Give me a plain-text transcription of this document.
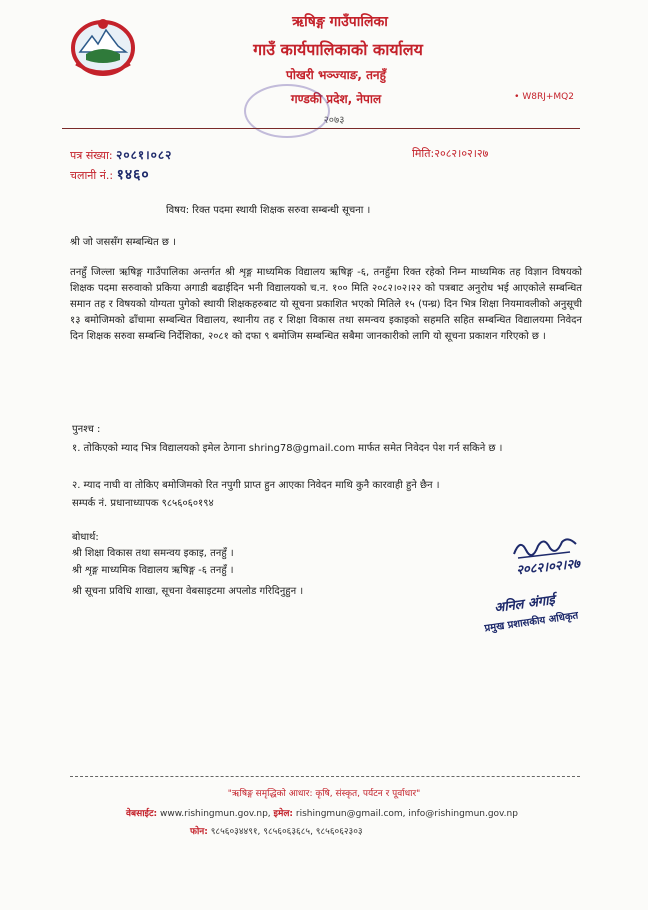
ऋषिङ्ग गाउँपालिका
गाउँ कार्यपालिकाको कार्यालय
पोखरी भञ्ज्याङ, तनहुँ
गण्डकी प्रदेश, नेपाल
२०७३
• W8RJ+MQ2
पत्र संख्या: २०८१।०८२
चलानी नं.: १४६०
मिति:२०८२।०२।२७
विषय: रिक्त पदमा स्थायी शिक्षक सरुवा सम्बन्धी सूचना ।
श्री जो जससँग सम्बन्धित छ ।
तनहुँ जिल्ला ऋषिङ्ग गाउँपालिका अन्तर्गत श्री शृङ्ग माध्यमिक विद्यालय ऋषिङ्ग -६, तनहुँमा रिक्त रहेको निम्न माध्यमिक तह विज्ञान विषयको शिक्षक पदमा सरुवाको प्रकिया अगाडी बढाईदिन भनी विद्यालयको च.न. १०० मिति २०८२।०२।२२ को पत्रबाट अनुरोध भई आएकोले सम्बन्धित समान तह र विषयको योग्यता पुगेको स्थायी शिक्षकहरुबाट यो सूचना प्रकाशित भएको मितिले १५ (पन्ध्र) दिन भित्र शिक्षा नियमावलीको अनुसूची १३ बमोजिमको ढाँचामा सम्बन्धित विद्यालय, स्थानीय तह र शिक्षा विकास तथा समन्वय इकाइको सहमति सहित सम्बन्धित विद्यालयमा निवेदन दिन शिक्षक सरुवा सम्बन्धि निर्देशिका, २०८१ को दफा ९ बमोजिम सम्बन्धित सबैमा जानकारीको लागि यो सूचना प्रकाशन गरिएको छ ।
पुनश्च :
१. तोकिएको म्याद भित्र विद्यालयको इमेल ठेगाना shring78@gmail.com मार्फत समेत निवेदन पेश गर्न सकिने छ ।
२. म्याद नाघी वा तोकिए बमोजिमको रित नपुगी प्राप्त हुन आएका निवेदन माथि कुनै कारवाही हुने छैन ।
सम्पर्क नं. प्रधानाध्यापक ९८५६०६०१९४
बोधार्थ:
श्री शिक्षा विकास तथा समन्वय इकाइ, तनहुँ ।
श्री शृङ्ग माध्यमिक विद्यालय ऋषिङ्ग -६ तनहुँ ।
श्री सूचना प्रविधि शाखा, सूचना वेबसाइटमा अपलोड गरिदिनुहुन ।
२०८२।०२।२७
अनिल अंगाई
प्रमुख प्रशासकीय अधिकृत
"ऋषिङ्ग समृद्धिको आधार: कृषि, संस्कृत, पर्यटन र पूर्वाधार"
वेबसाईट: www.rishingmun.gov.np, इमेल: rishingmun@gmail.com, info@rishingmun.gov.np
फोन: ९८५६०३४४९१, ९८५६०६३६८५, ९८५६०६२३०३
